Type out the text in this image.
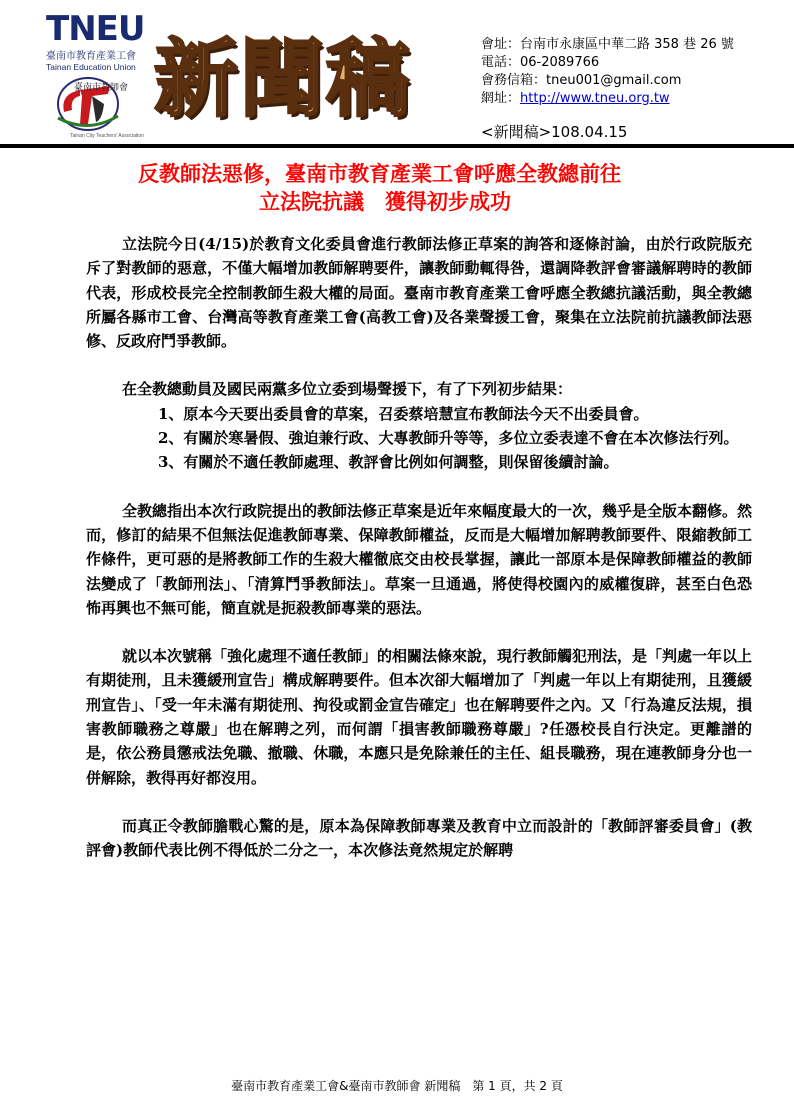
TNEU
臺南市教育產業工會
Tainan Education Union
臺南市教師會
Tainan City Teachers' Association
新聞稿	會址：台南市永康區中華二路 358 巷 26 號
電話：06-2089766
會務信箱：tneu001@gmail.com
網址：http://www.tneu.org.tw
<新聞稿>108.04.15
反教師法惡修，臺南市教育產業工會呼應全教總前往
立法院抗議　獲得初步成功

立法院今日(4/15)於教育文化委員會進行教師法修正草案的詢答和逐條討論，由於行政院版充斥了對教師的惡意，不僅大幅增加教師解聘要件，讓教師動輒得咎，還調降教評會審議解聘時的教師代表，形成校長完全控制教師生殺大權的局面。臺南市教育產業工會呼應全教總抗議活動，與全教總所屬各縣市工會、台灣高等教育產業工會(高教工會)及各業聲援工會，聚集在立法院前抗議教師法惡修、反政府鬥爭教師。

在全教總動員及國民兩黨多位立委到場聲援下，有了下列初步結果：

1、原本今天要出委員會的草案，召委蔡培慧宣布教師法今天不出委員會。

2、有關於寒暑假、強迫兼行政、大專教師升等等，多位立委表達不會在本次修法行列。

3、有關於不適任教師處理、教評會比例如何調整，則保留後續討論。

全教總指出本次行政院提出的教師法修正草案是近年來幅度最大的一次，幾乎是全版本翻修。然而，修訂的結果不但無法促進教師專業、保障教師權益，反而是大幅增加解聘教師要件、限縮教師工作條件，更可惡的是將教師工作的生殺大權徹底交由校長掌握，讓此一部原本是保障教師權益的教師法變成了「教師刑法」、「清算鬥爭教師法」。草案一旦通過，將使得校園內的威權復辟，甚至白色恐怖再興也不無可能，簡直就是扼殺教師專業的惡法。

就以本次號稱「強化處理不適任教師」的相關法條來說，現行教師觸犯刑法，是「判處一年以上有期徒刑，且未獲緩刑宣告」構成解聘要件。但本次卻大幅增加了「判處一年以上有期徒刑，且獲緩刑宣告」、「受一年未滿有期徒刑、拘役或罰金宣告確定」也在解聘要件之內。又「行為違反法規，損害教師職務之尊嚴」也在解聘之列，而何謂「損害教師職務尊嚴」?任憑校長自行決定。更離譜的是，依公務員懲戒法免職、撤職、休職，本應只是免除兼任的主任、組長職務，現在連教師身分也一併解除，教得再好都沒用。

而真正令教師膽戰心驚的是，原本為保障教師專業及教育中立而設計的「教師評審委員會」(教評會)教師代表比例不得低於二分之一，本次修法竟然規定於解聘

臺南市教育產業工會&臺南市教師會 新聞稿　第 1 頁，共 2 頁
